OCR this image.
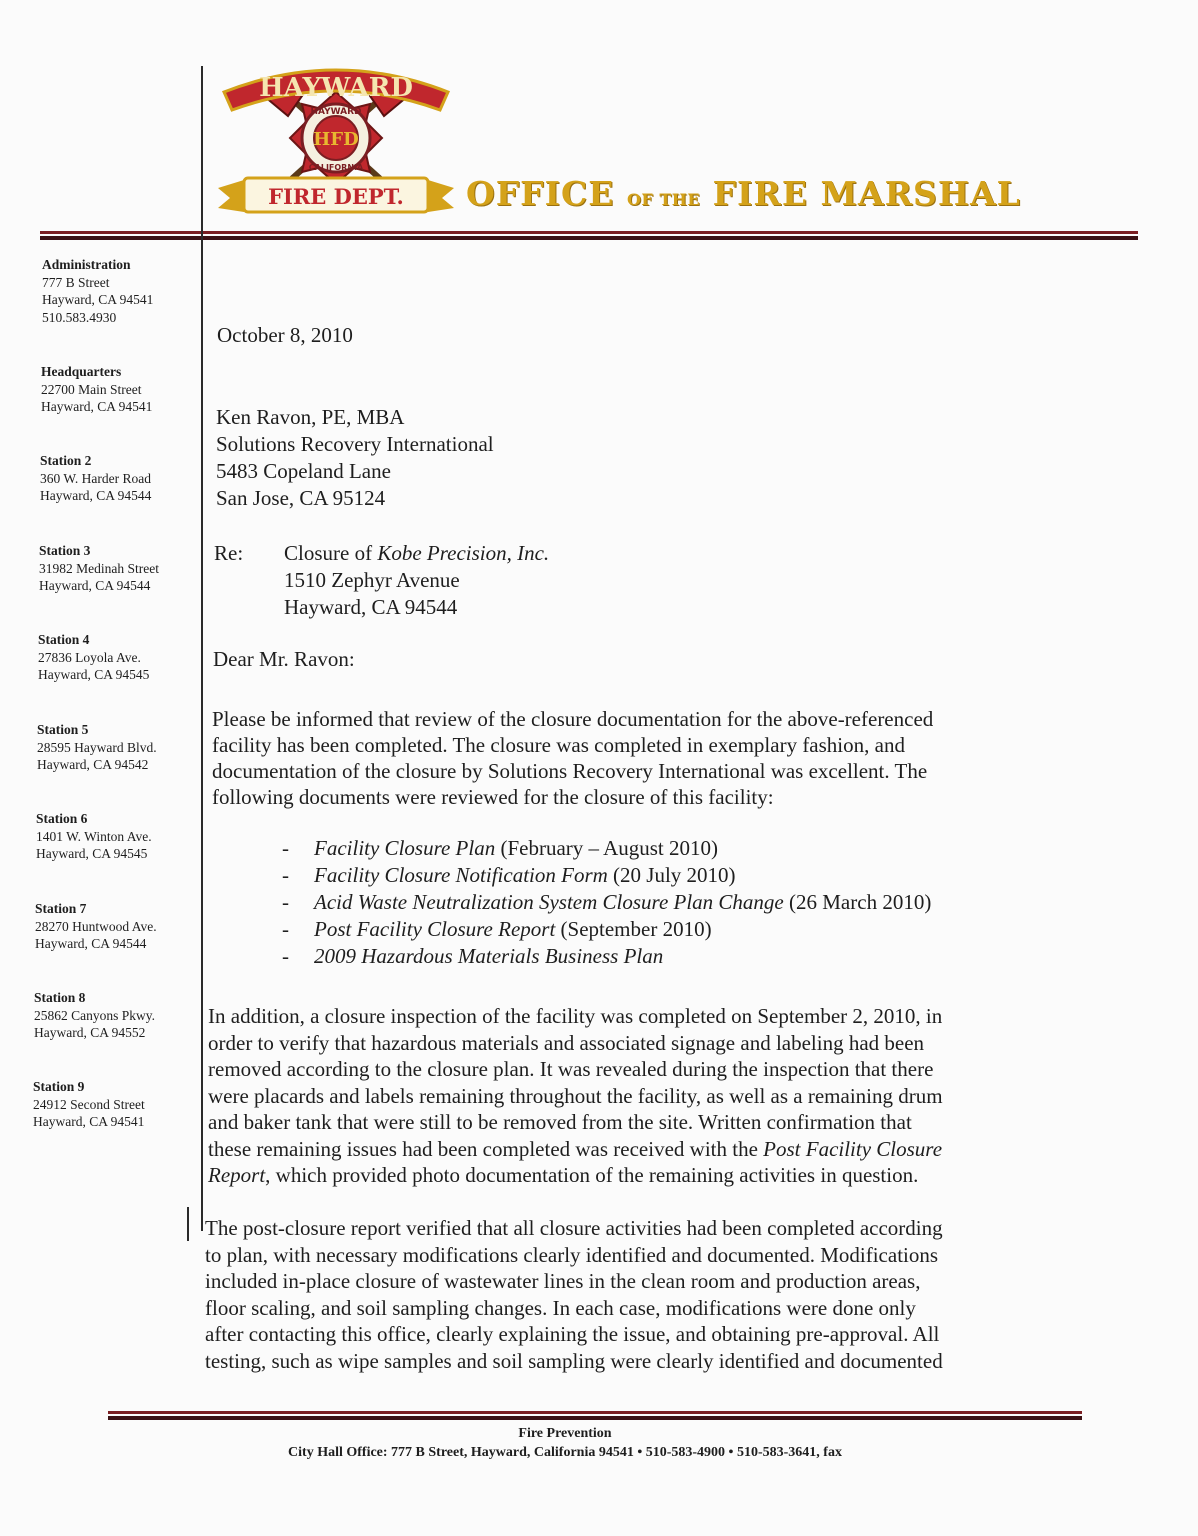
HAYWARD
CALIFORNIA
HFD
HAYWARD
FIRE DEPT. OFFICE OF THE FIRE MARSHAL
Administration
777 B Street
Hayward, CA 94541
510.583.4930
Headquarters
22700 Main Street
Hayward, CA 94541
Station 2
360 W. Harder Road
Hayward, CA 94544
Station 3
31982 Medinah Street
Hayward, CA 94544
Station 4
27836 Loyola Ave.
Hayward, CA 94545
Station 5
28595 Hayward Blvd.
Hayward, CA 94542
Station 6
1401 W. Winton Ave.
Hayward, CA 94545
Station 7
28270 Huntwood Ave.
Hayward, CA 94544
Station 8
25862 Canyons Pkwy.
Hayward, CA 94552
Station 9
24912 Second Street
Hayward, CA 94541
October 8, 2010
Ken Ravon, PE, MBA
Solutions Recovery International
5483 Copeland Lane
San Jose, CA 95124
Re: Closure of Kobe Precision, Inc.
1510 Zephyr Avenue
Hayward, CA 94544
Dear Mr. Ravon:
Please be informed that review of the closure documentation for the above-referenced
facility has been completed. The closure was completed in exemplary fashion, and
documentation of the closure by Solutions Recovery International was excellent. The
following documents were reviewed for the closure of this facility:
- Facility Closure Plan (February – August 2010)
- Facility Closure Notification Form (20 July 2010)
- Acid Waste Neutralization System Closure Plan Change (26 March 2010)
- Post Facility Closure Report (September 2010)
- 2009 Hazardous Materials Business Plan
In addition, a closure inspection of the facility was completed on September 2, 2010, in
order to verify that hazardous materials and associated signage and labeling had been
removed according to the closure plan. It was revealed during the inspection that there
were placards and labels remaining throughout the facility, as well as a remaining drum
and baker tank that were still to be removed from the site. Written confirmation that
these remaining issues had been completed was received with the Post Facility Closure
Report, which provided photo documentation of the remaining activities in question.
The post-closure report verified that all closure activities had been completed according
to plan, with necessary modifications clearly identified and documented. Modifications
included in-place closure of wastewater lines in the clean room and production areas,
floor scaling, and soil sampling changes. In each case, modifications were done only
after contacting this office, clearly explaining the issue, and obtaining pre-approval. All
testing, such as wipe samples and soil sampling were clearly identified and documented
Fire Prevention
City Hall Office: 777 B Street, Hayward, California 94541 • 510-583-4900 • 510-583-3641, fax
